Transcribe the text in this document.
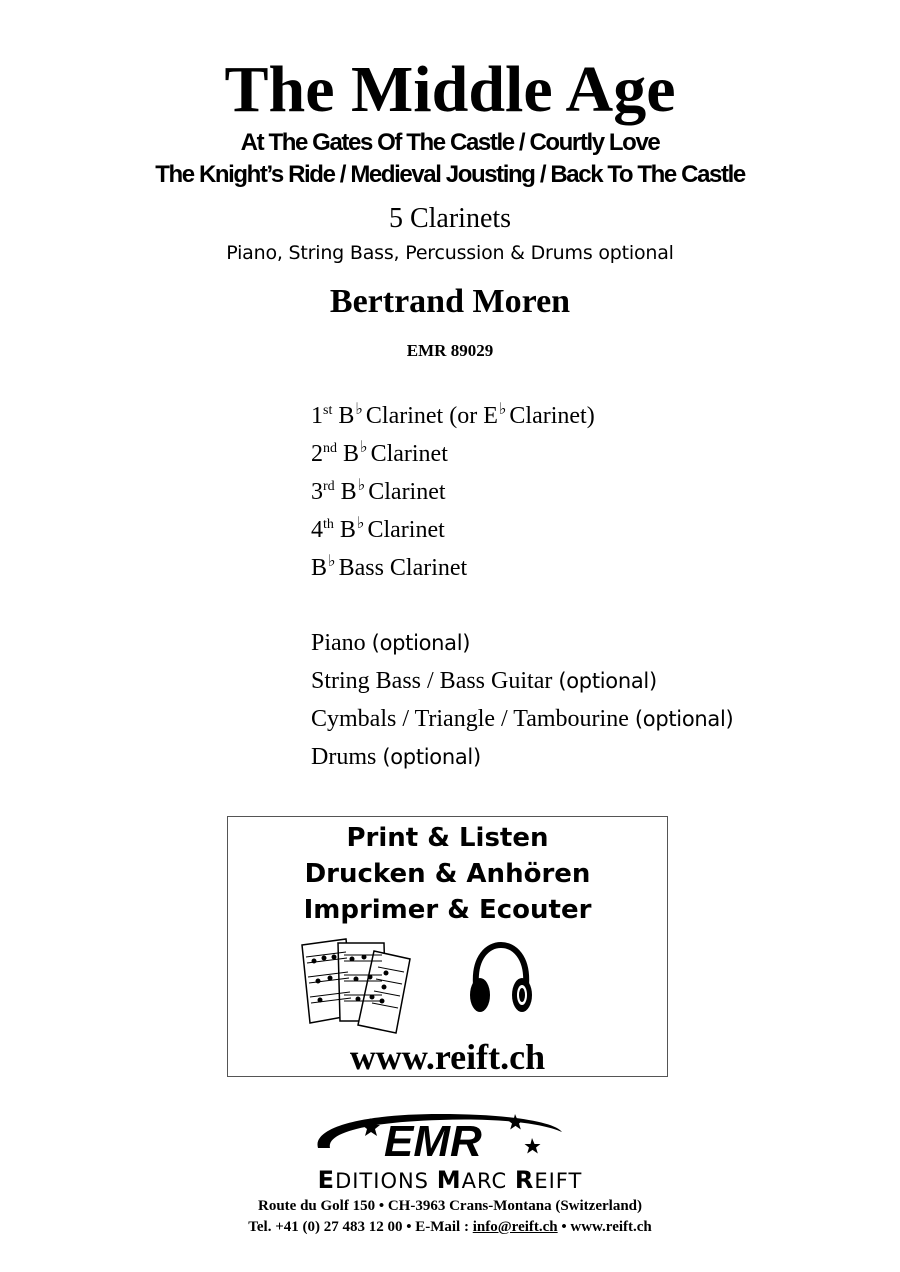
The Middle Age
At The Gates Of The Castle / Courtly Love
The Knight’s Ride / Medieval Jousting / Back To The Castle
5 Clarinets
Piano, String Bass, Percussion & Drums optional
Bertrand Moren
EMR 89029
1st B♭ Clarinet (or E♭ Clarinet)
2nd B♭ Clarinet
3rd B♭ Clarinet
4th B♭ Clarinet
B♭ Bass Clarinet
Piano (optional)
String Bass / Bass Guitar (optional)
Cymbals / Triangle / Tambourine (optional)
Drums (optional)
Print & Listen
Drucken & Anhören
Imprimer & Ecouter
www.reift.ch
EMR
EDITIONS MARC REIFT
Route du Golf 150 • CH-3963 Crans-Montana (Switzerland)
Tel. +41 (0) 27 483 12 00 • E-Mail : info@reift.ch • www.reift.ch
